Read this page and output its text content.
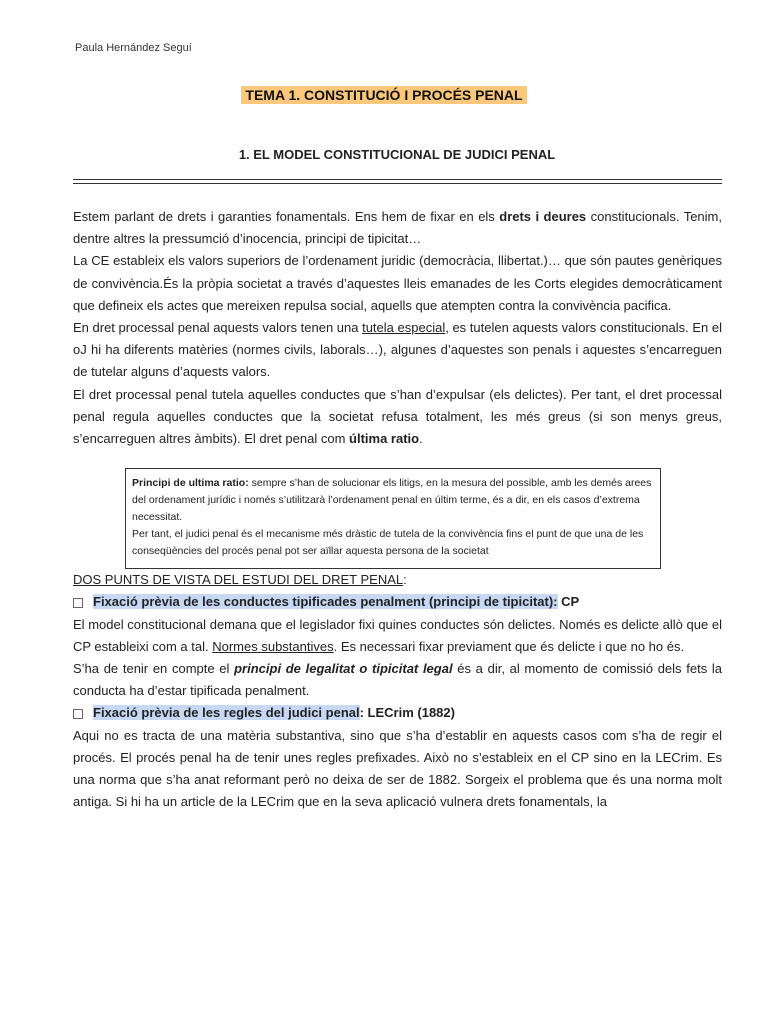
Paula Hernández Seguí
TEMA 1. CONSTITUCIÓ I PROCÉS PENAL
1. EL MODEL CONSTITUCIONAL DE JUDICI PENAL

Estem parlant de drets i garanties fonamentals. Ens hem de fixar en els drets i deures constitucionals. Tenim, dentre altres la pressumció d’inocencia, principi de tipicitat…

La CE estableix els valors superiors de l’ordenament juridic (democràcia, llibertat.)… que són pautes genèriques de convivència.És la pròpia societat a través d’aquestes lleis emanades de les Corts elegides democràticament que defineix els actes que mereixen repulsa social, aquells que atempten contra la convivència pacifica.

En dret processal penal aquests valors tenen una tutela especial, es tutelen aquests valors constitucionals. En el oJ hi ha diferents matèries (normes civils, laborals…), algunes d’aquestes son penals i aquestes s’encarreguen de tutelar alguns d’aquests valors.

El dret processal penal tutela aquelles conductes que s’han d’expulsar (els delictes). Per tant, el dret processal penal regula aquelles conductes que la societat refusa totalment, les més greus (si son menys greus, s’encarreguen altres àmbits). El dret penal com última ratio.

Principi de ultima ratio: sempre s’han de solucionar els litigs, en la mesura del possible, amb les demés arees del ordenament jurídic i només s’utilitzarà l’ordenament penal en últim terme, és a dir, en els casos d’extrema necessitat.

Per tant, el judici penal és el mecanisme més dràstic de tutela de la convivència fins el punt de que una de les conseqüències del procés penal pot ser aïllar aquesta persona de la societat

DOS PUNTS DE VISTA DEL ESTUDI DEL DRET PENAL:

Fixació prèvia de les conductes tipificades penalment (principi de tipicitat): CP

El model constitucional demana que el legislador fixi quines conductes són delictes. Només es delicte allò que el CP estableixi com a tal. Normes substantives. Es necessari fixar previament que és delicte i que no ho és.

S’ha de tenir en compte el principi de legalitat o tipicitat legal és a dir, al momento de comissió dels fets la conducta ha d’estar tipificada penalment.

Fixació prèvia de les regles del judici penal: LECrim (1882)

Aqui no es tracta de una matèria substantiva, sino que s’ha d’establir en aquests casos com s’ha de regir el procés. El procés penal ha de tenir unes regles prefixades. Això no s’estableix en el CP sino en la LECrim. Es una norma que s’ha anat reformant però no deixa de ser de 1882. Sorgeix el problema que és una norma molt antiga. Si hi ha un article de la LECrim que en la seva aplicació vulnera drets fonamentals, la
